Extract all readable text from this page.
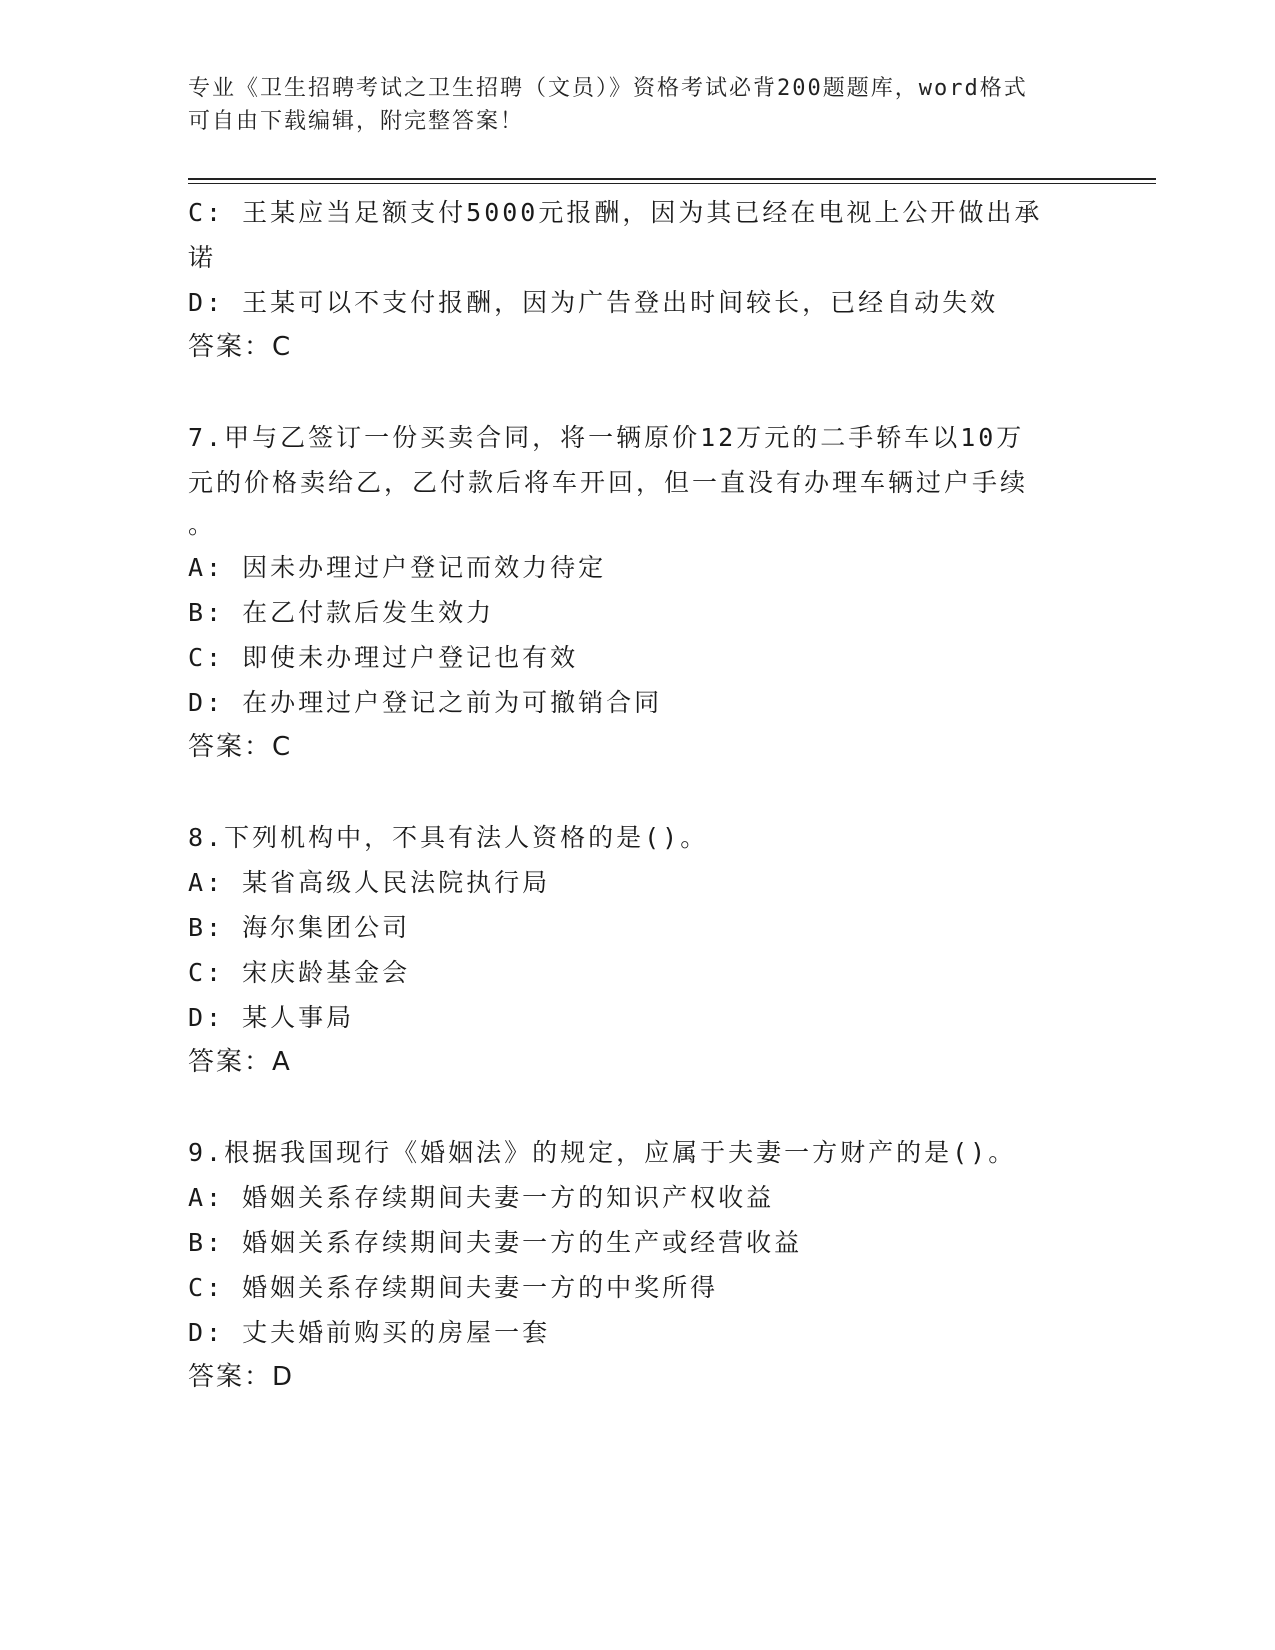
专业《卫生招聘考试之卫生招聘（文员）》资格考试必背200题题库，word格式
可自由下载编辑，附完整答案！
C: 王某应当足额支付5000元报酬，因为其已经在电视上公开做出承
诺
D: 王某可以不支付报酬，因为广告登出时间较长，已经自动失效
答案：C
7.甲与乙签订一份买卖合同，将一辆原价12万元的二手轿车以10万
元的价格卖给乙，乙付款后将车开回，但一直没有办理车辆过户手续
。
A: 因未办理过户登记而效力待定
B: 在乙付款后发生效力
C: 即使未办理过户登记也有效
D: 在办理过户登记之前为可撤销合同
答案：C
8.下列机构中，不具有法人资格的是()。
A: 某省高级人民法院执行局
B: 海尔集团公司
C: 宋庆龄基金会
D: 某人事局
答案：A
9.根据我国现行《婚姻法》的规定，应属于夫妻一方财产的是()。
A: 婚姻关系存续期间夫妻一方的知识产权收益
B: 婚姻关系存续期间夫妻一方的生产或经营收益
C: 婚姻关系存续期间夫妻一方的中奖所得
D: 丈夫婚前购买的房屋一套
答案：D
